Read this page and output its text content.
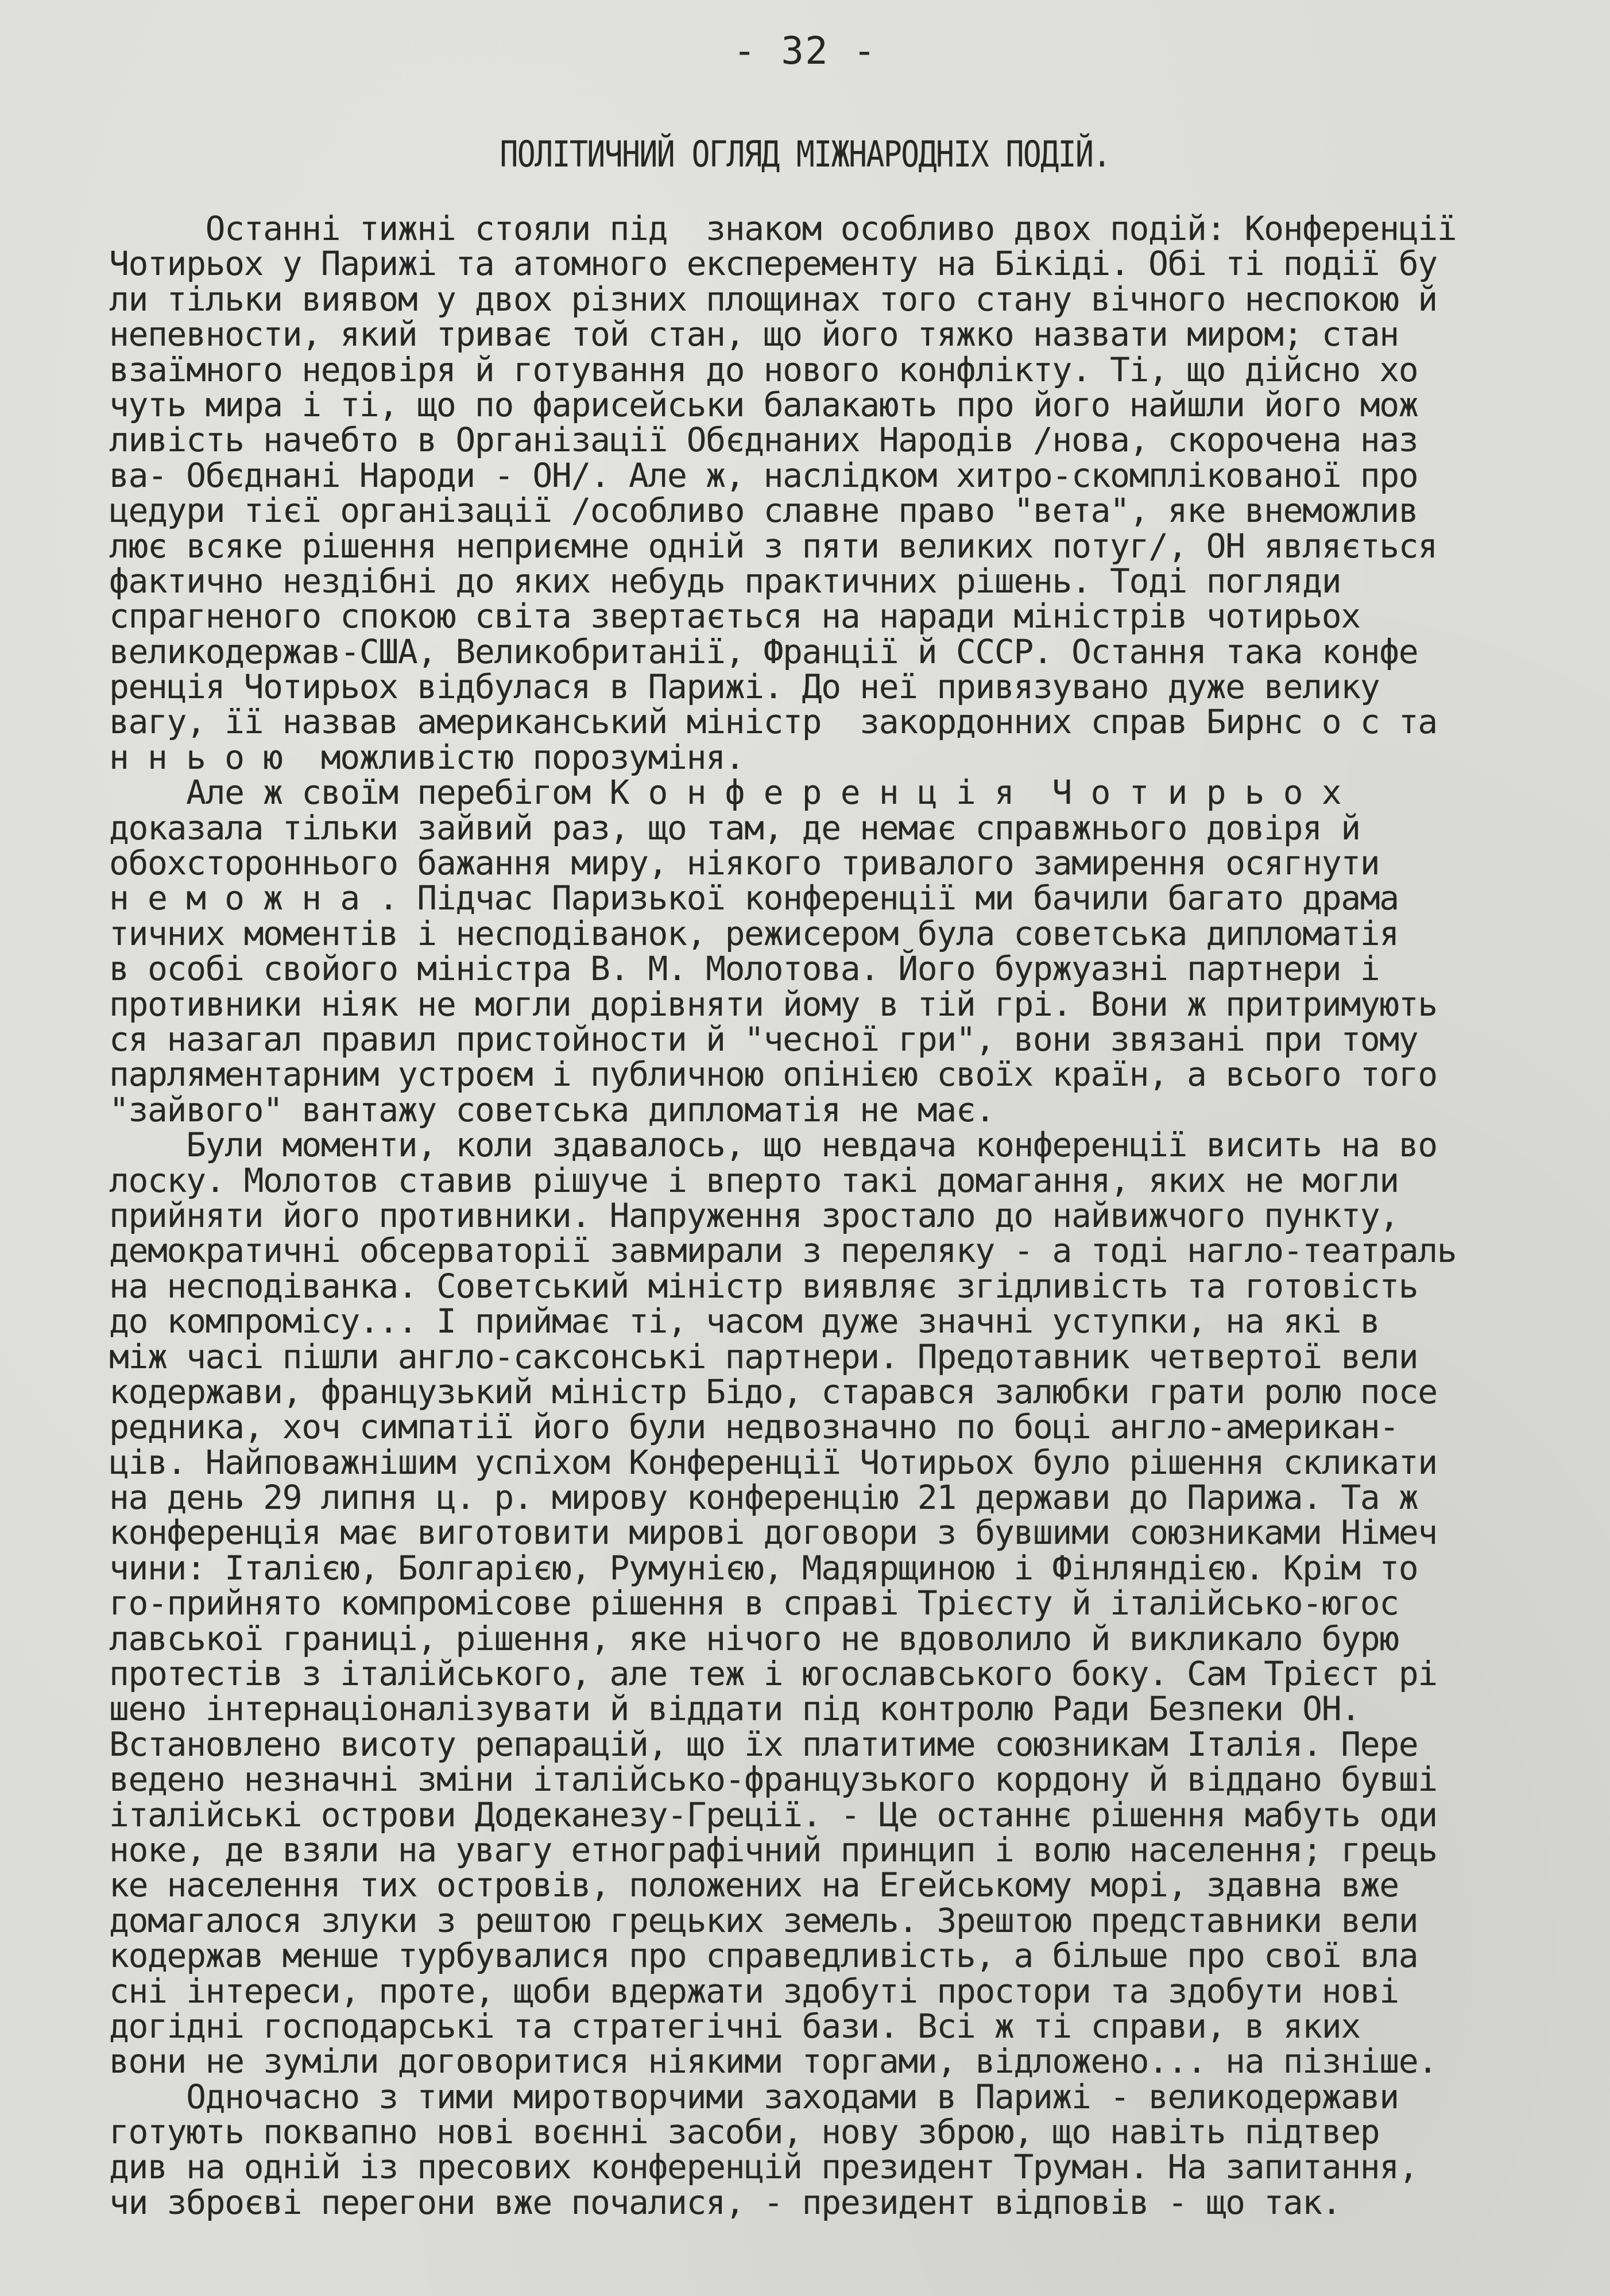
- 32 -
ПОЛІТИЧНИЙ ОГЛЯД МІЖНАРОДНІХ ПОДІЙ.
Останні тижні стояли під  знаком особливо двох подій: Конференції
Чотирьох у Парижі та атомного експеременту на Бікіді. Обі ті події бу
ли тільки виявом у двох різних площинах того стану вічного неспокою й
непевности, який триває той стан, що його тяжко назвати миром; стан
взаїмного недовіря й готування до нового конфлікту. Ті, що дійсно хо
чуть мира і ті, що по фарисейськи балакають про його найшли його мож
ливість начебто в Організації Обєднаних Народів /нова, скорочена наз
ва- Обєднані Народи - ОН/. Але ж, наслідком хитро-скомплікованої про
цедури тієї організації /особливо славне право "вета", яке внеможлив
лює всяке рішення неприємне одній з пяти великих потуг/, ОН являється
фактично нездібні до яких небудь практичних рішень. Тоді погляди
спрагненого спокою світа звертається на наради міністрів чотирьох
великодержав-США, Великобританії, Франції й СССР. Остання така конфе
ренція Чотирьох відбулася в Парижі. До неї привязувано дуже велику
вагу, її назвав американський міністр  закордонних справ Бирнс о с та
н н ь о ю  можливістю порозуміня.
Але ж своїм перебігом К о н ф е р е н ц і я  Ч о т и р ь о х
доказала тільки зайвий раз, що там, де немає справжнього довіря й
обохстороннього бажання миру, ніякого тривалого замирення осягнути
н е м о ж н а . Підчас Паризької конференції ми бачили багато драма
тичних моментів і несподіванок, режисером була советська дипломатія
в особі свойого міністра В. М. Молотова. Його буржуазні партнери і
противники ніяк не могли дорівняти йому в тій грі. Вони ж притримують
ся назагал правил пристойности й "чесної гри", вони звязані при тому
парляментарним устроєм і публичною опінією своїх країн, а всього того
"зайвого" вантажу советська дипломатія не має.
Були моменти, коли здавалось, що невдача конференції висить на во
лоску. Молотов ставив рішуче і вперто такі домагання, яких не могли
прийняти його противники. Напруження зростало до найвижчого пункту,
демократичні обсерваторії завмирали з переляку - а тоді нагло-театраль
на несподіванка. Советський міністр виявляє згідливість та готовість
до компромісу... І приймає ті, часом дуже значні уступки, на які в
між часі пішли англо-саксонські партнери. Предотавник четвертої вели
кодержави, французький міністр Бідо, старався залюбки грати ролю посе
редника, хоч симпатії його були недвозначно по боці англо-американ-
ців. Найповажнішим успіхом Конференції Чотирьох було рішення скликати
на день 29 липня ц. р. мирову конференцію 21 держави до Парижа. Та ж
конференція має виготовити мирові договори з бувшими союзниками Німеч
чини: Італією, Болгарією, Румунією, Мадярщиною і Фінляндією. Крім то
го-прийнято компромісове рішення в справі Трієсту й італійсько-югос
лавської границі, рішення, яке нічого не вдоволило й викликало бурю
протестів з італійського, але теж і югославського боку. Сам Трієст рі
шено інтернаціоналізувати й віддати під контролю Ради Безпеки ОН.
Встановлено висоту репарацій, що їх платитиме союзникам Італія. Пере
ведено незначні зміни італійсько-французького кордону й віддано бувші
італійські острови Додеканезу-Греції. - Це останнє рішення мабуть оди
ноке, де взяли на увагу етнографічний принцип і волю населення; грець
ке населення тих островів, положених на Егейському морі, здавна вже
домагалося злуки з рештою грецьких земель. Зрештою представники вели
кодержав менше турбувалися про справедливість, а більше про свої вла
сні інтереси, проте, щоби вдержати здобуті простори та здобути нові
догідні господарські та стратегічні бази. Всі ж ті справи, в яких
вони не зуміли договоритися ніякими торгами, відложено... на пізніше.
Одночасно з тими миротворчими заходами в Парижі - великодержави
готують поквапно нові воєнні засоби, нову зброю, що навіть підтвер
див на одній із пресових конференцій президент Труман. На запитання,
чи зброєві перегони вже почалися, - президент відповів - що так.
